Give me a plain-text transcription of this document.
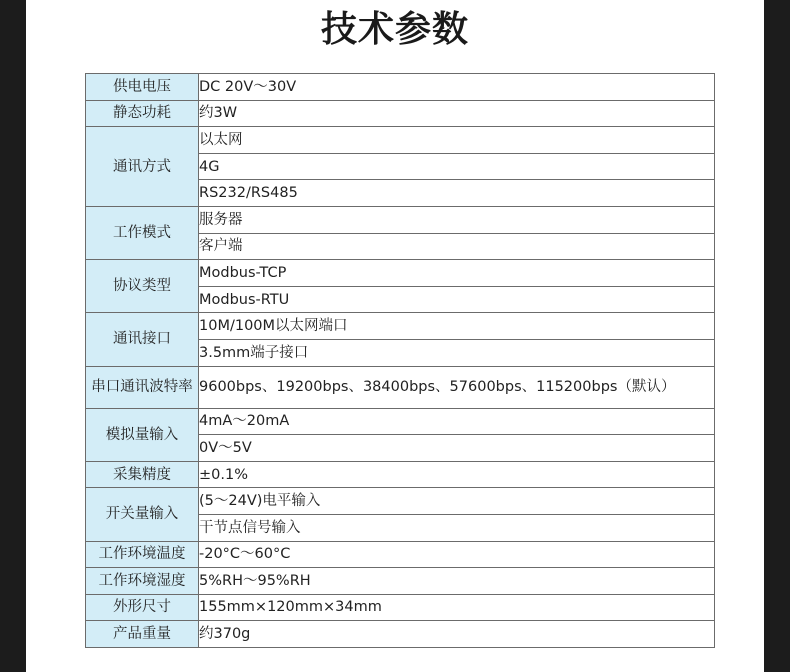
技术参数
供电电压	DC 20V～30V
静态功耗	约3W
通讯方式	以太网
	4G
	RS232/RS485
工作模式	服务器
	客户端
协议类型	Modbus-TCP
	Modbus-RTU
通讯接口	10M/100M以太网端口
	3.5mm端子接口
串口通讯波特率	9600bps、19200bps、38400bps、57600bps、115200bps（默认）
模拟量输入	4mA～20mA
	0V～5V
采集精度	±0.1%
开关量输入	(5～24V)电平输入
	干节点信号输入
工作环境温度	-20°C～60°C
工作环境湿度	5%RH～95%RH
外形尺寸	155mm×120mm×34mm
产品重量	约370g
